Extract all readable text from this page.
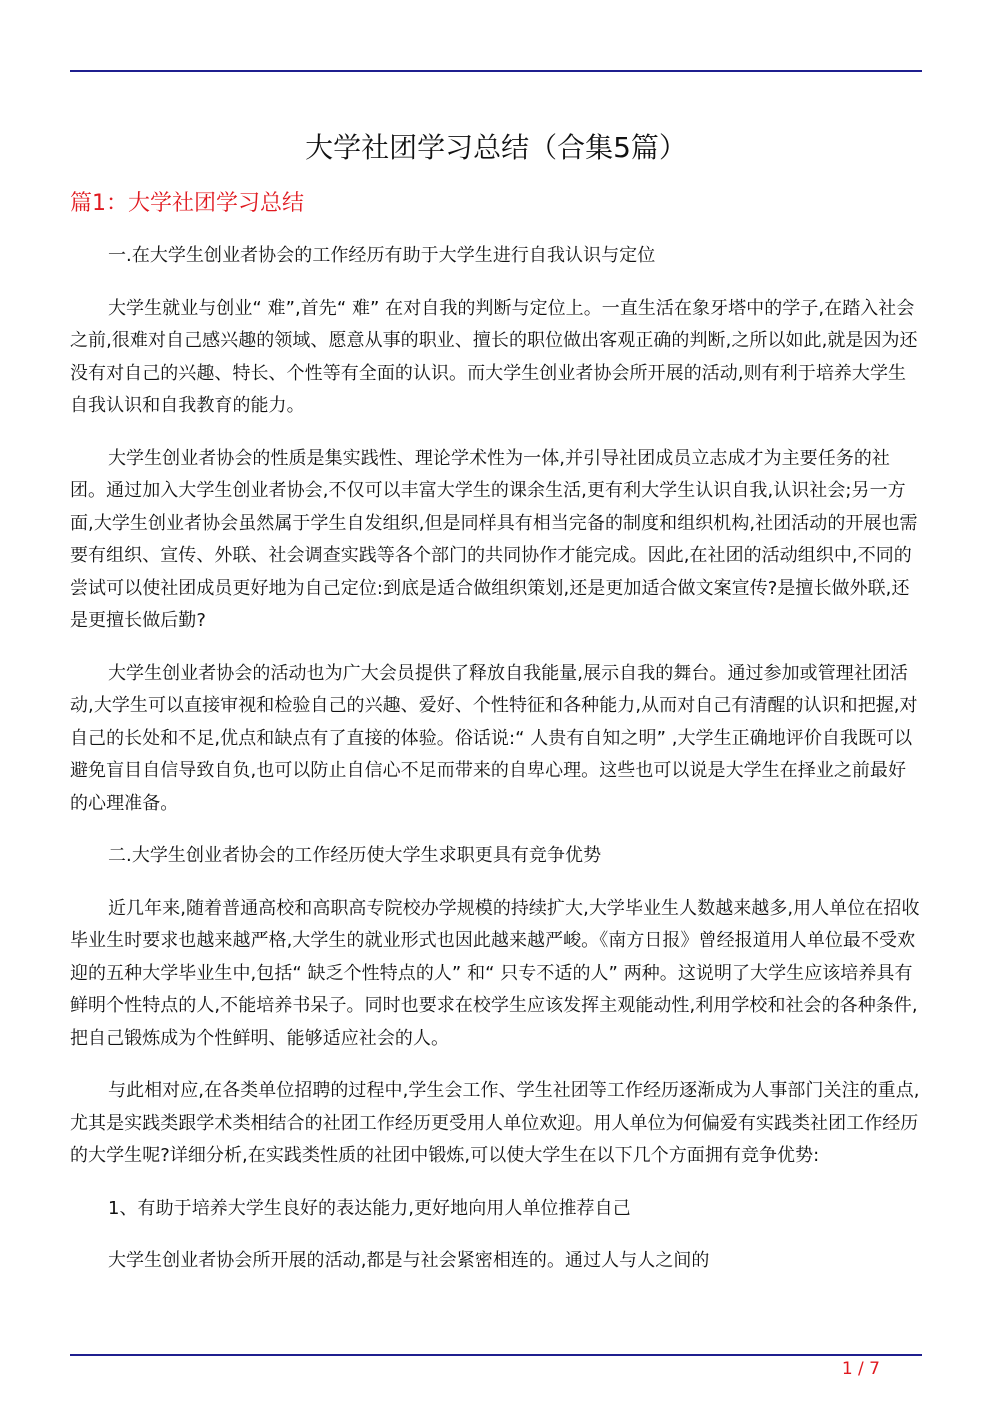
大学社团学习总结（合集5篇）
篇1：大学社团学习总结

一.在大学生创业者协会的工作经历有助于大学生进行自我认识与定位

大学生就业与创业“ 难”,首先“ 难” 在对自我的判断与定位上。一直生活在象牙塔中的学子,在踏入社会之前,很难对自己感兴趣的领域、愿意从事的职业、擅长的职位做出客观正确的判断,之所以如此,就是因为还没有对自己的兴趣、特长、个性等有全面的认识。而大学生创业者协会所开展的活动,则有利于培养大学生自我认识和自我教育的能力。

大学生创业者协会的性质是集实践性、理论学术性为一体,并引导社团成员立志成才为主要任务的社团。通过加入大学生创业者协会,不仅可以丰富大学生的课余生活,更有利大学生认识自我,认识社会;另一方面,大学生创业者协会虽然属于学生自发组织,但是同样具有相当完备的制度和组织机构,社团活动的开展也需要有组织、宣传、外联、社会调查实践等各个部门的共同协作才能完成。因此,在社团的活动组织中,不同的尝试可以使社团成员更好地为自己定位:到底是适合做组织策划,还是更加适合做文案宣传?是擅长做外联,还是更擅长做后勤?

大学生创业者协会的活动也为广大会员提供了释放自我能量,展示自我的舞台。通过参加或管理社团活动,大学生可以直接审视和检验自己的兴趣、爱好、个性特征和各种能力,从而对自己有清醒的认识和把握,对自己的长处和不足,优点和缺点有了直接的体验。俗话说:“ 人贵有自知之明” ,大学生正确地评价自我既可以避免盲目自信导致自负,也可以防止自信心不足而带来的自卑心理。这些也可以说是大学生在择业之前最好的心理准备。

二.大学生创业者协会的工作经历使大学生求职更具有竞争优势

近几年来,随着普通高校和高职高专院校办学规模的持续扩大,大学毕业生人数越来越多,用人单位在招收毕业生时要求也越来越严格,大学生的就业形式也因此越来越严峻。《南方日报》曾经报道用人单位最不受欢迎的五种大学毕业生中,包括“ 缺乏个性特点的人” 和“ 只专不适的人” 两种。这说明了大学生应该培养具有鲜明个性特点的人,不能培养书呆子。同时也要求在校学生应该发挥主观能动性,利用学校和社会的各种条件,把自己锻炼成为个性鲜明、能够适应社会的人。

与此相对应,在各类单位招聘的过程中,学生会工作、学生社团等工作经历逐渐成为人事部门关注的重点,尤其是实践类跟学术类相结合的社团工作经历更受用人单位欢迎。用人单位为何偏爱有实践类社团工作经历的大学生呢?详细分析,在实践类性质的社团中锻炼,可以使大学生在以下几个方面拥有竞争优势:

1、有助于培养大学生良好的表达能力,更好地向用人单位推荐自己

大学生创业者协会所开展的活动,都是与社会紧密相连的。通过人与人之间的

1 / 7
